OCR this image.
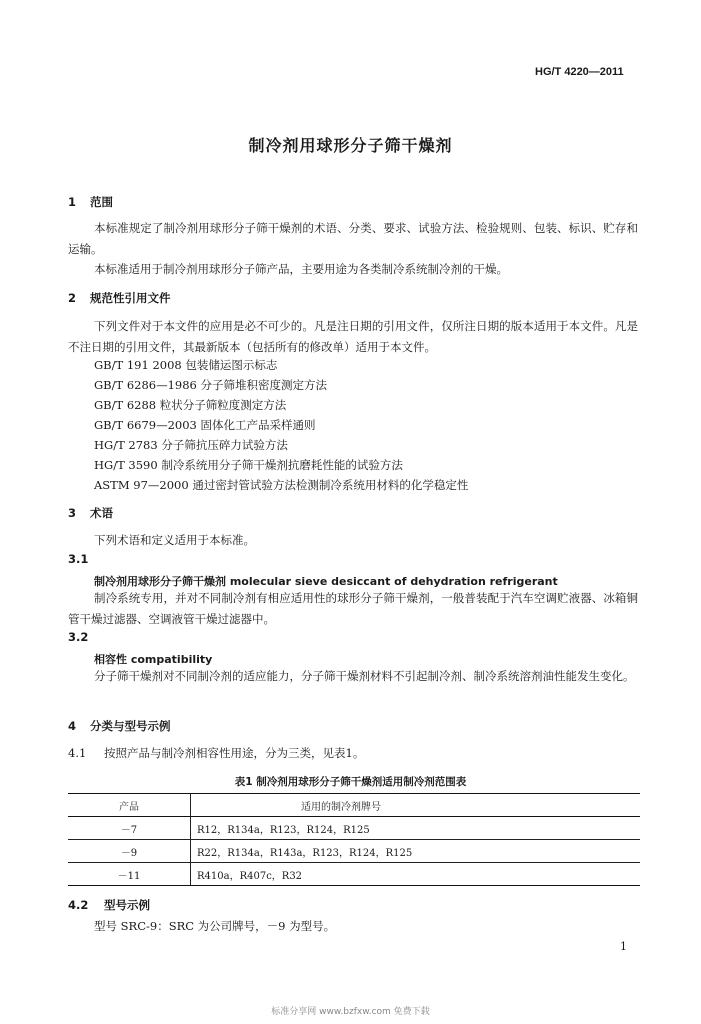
HG/T 4220—2011
制冷剂用球形分子筛干燥剂
1 范围
本标准规定了制冷剂用球形分子筛干燥剂的术语、分类、要求、试验方法、检验规则、包装、标识、贮存和运输。
本标准适用于制冷剂用球形分子筛产品，主要用途为各类制冷系统制冷剂的干燥。
2 规范性引用文件
下列文件对于本文件的应用是必不可少的。凡是注日期的引用文件，仅所注日期的版本适用于本文件。凡是不注日期的引用文件，其最新版本（包括所有的修改单）适用于本文件。
GB/T 191 2008 包装储运图示标志
GB/T 6286—1986 分子筛堆积密度测定方法
GB/T 6288 粒状分子筛粒度测定方法
GB/T 6679—2003 固体化工产品采样通则
HG/T 2783 分子筛抗压碎力试验方法
HG/T 3590 制冷系统用分子筛干燥剂抗磨耗性能的试验方法
ASTM 97—2000 通过密封管试验方法检测制冷系统用材料的化学稳定性
3 术语
下列术语和定义适用于本标准。
3.1
制冷剂用球形分子筛干燥剂 molecular sieve desiccant of dehydration refrigerant
制冷系统专用，并对不同制冷剂有相应适用性的球形分子筛干燥剂，一般普装配于汽车空调贮液器、冰箱铜管干燥过滤器、空调液管干燥过滤器中。
3.2
相容性 compatibility
分子筛干燥剂对不同制冷剂的适应能力，分子筛干燥剂材料不引起制冷剂、制冷系统溶剂油性能发生变化。
4 分类与型号示例
4.1 按照产品与制冷剂相容性用途，分为三类，见表1。
表1 制冷剂用球形分子筛干燥剂适用制冷剂范围表
产品	适用的制冷剂牌号
－7	R12，R134a，R123，R124，R125
－9	R22，R134a，R143a，R123，R124，R125
－11	R410a，R407c，R32
4.2 型号示例
型号 SRC-9：SRC 为公司牌号，－9 为型号。
1
标准分享网 www.bzfxw.com 免费下载
